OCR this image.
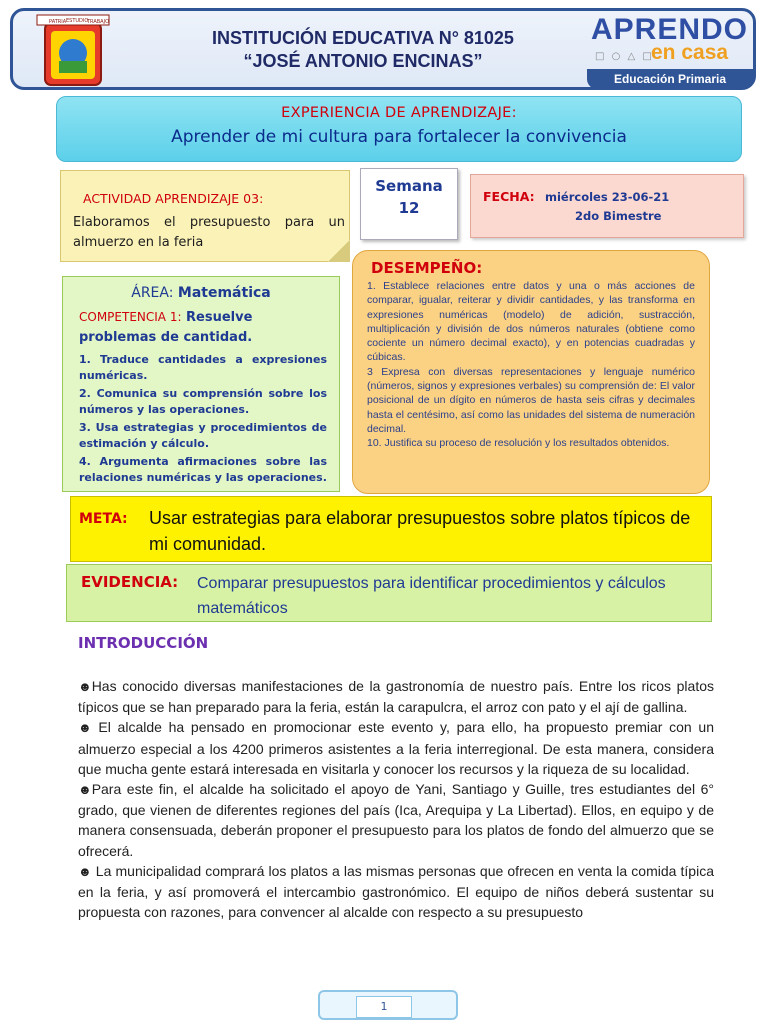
PATRIA ESTUDIO
TRABAJO
INSTITUCIÓN EDUCATIVA N° 81025
“JOSÉ ANTONIO ENCINAS”
APRENDO
□ ○ △ □
en casa
Educación Primaria
EXPERIENCIA DE APRENDIZAJE:
Aprender de mi cultura para fortalecer la convivencia
ACTIVIDAD APRENDIZAJE 03:
Elaboramos el presupuesto para un almuerzo en la feria
Semana
12
FECHA: miércoles 23-06-21
2do Bimestre
ÁREA: Matemática
COMPETENCIA 1: Resuelve problemas de cantidad.
1. Traduce cantidades a expresiones numéricas.
2. Comunica su comprensión sobre los números y las operaciones.
3. Usa estrategias y procedimientos de estimación y cálculo.
4. Argumenta afirmaciones sobre las relaciones numéricas y las operaciones.
DESEMPEÑO:
1. Establece relaciones entre datos y una o más acciones de comparar, igualar, reiterar y dividir cantidades, y las transforma en expresiones numéricas (modelo) de adición, sustracción, multiplicación y división de dos números naturales (obtiene como cociente un número decimal exacto), y en potencias cuadradas y cúbicas.
3 Expresa con diversas representaciones y lenguaje numérico (números, signos y expresiones verbales) su comprensión de: El valor posicional de un dígito en números de hasta seis cifras y decimales hasta el centésimo, así como las unidades del sistema de numeración decimal.
10. Justifica su proceso de resolución y los resultados obtenidos.
META: Usar estrategias para elaborar presupuestos sobre platos típicos de mi comunidad.
EVIDENCIA: Comparar presupuestos para identificar procedimientos y cálculos matemáticos
INTRODUCCIÓN
☻Has conocido diversas manifestaciones de la gastronomía de nuestro país. Entre los ricos platos típicos que se han preparado para la feria, están la carapulcra, el arroz con pato y el ají de gallina.
☻ El alcalde ha pensado en promocionar este evento y, para ello, ha propuesto premiar con un almuerzo especial a los 4200 primeros asistentes a la feria interregional. De esta manera, considera que mucha gente estará interesada en visitarla y conocer los recursos y la riqueza de su localidad.
☻Para este fin, el alcalde ha solicitado el apoyo de Yani, Santiago y Guille, tres estudiantes del 6° grado, que vienen de diferentes regiones del país (Ica, Arequipa y La Libertad). Ellos, en equipo y de manera consensuada, deberán proponer el presupuesto para los platos de fondo del almuerzo que se ofrecerá.
☻ La municipalidad comprará los platos a las mismas personas que ofrecen en venta la comida típica en la feria, y así promoverá el intercambio gastronómico. El equipo de niños deberá sustentar su propuesta con razones, para convencer al alcalde con respecto a su presupuesto
1
